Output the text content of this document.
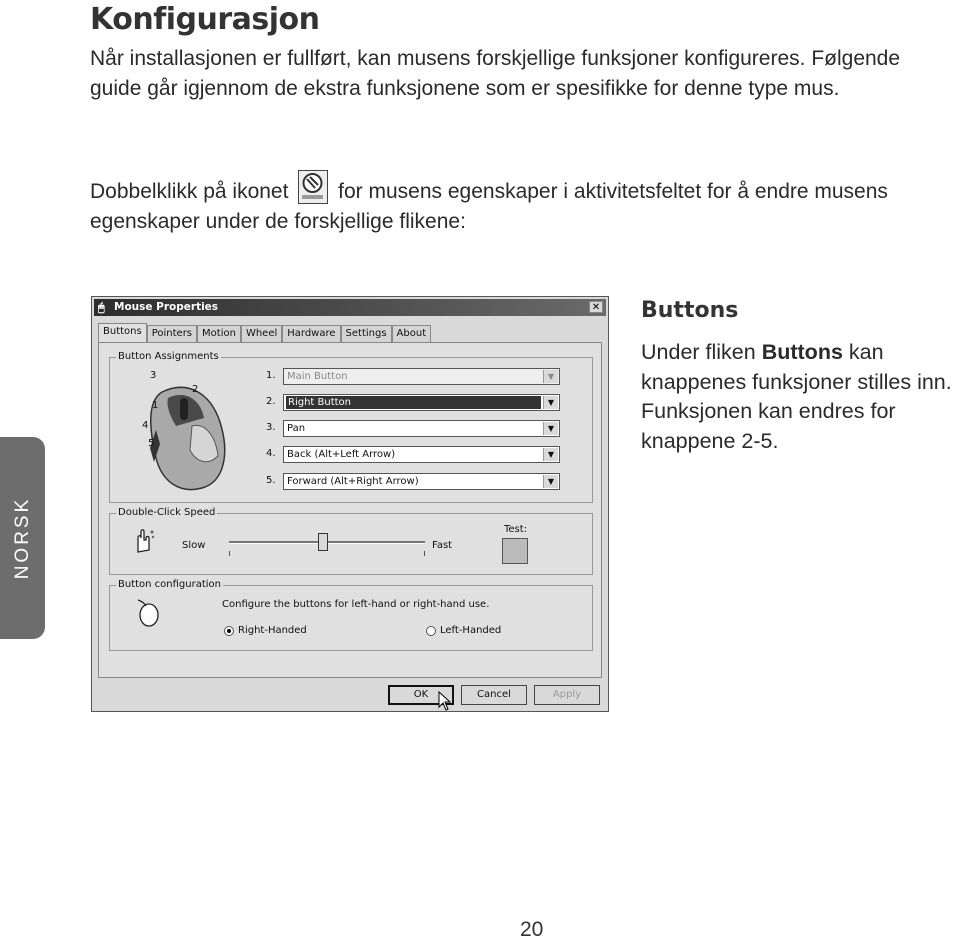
Konfigurasjon
Når installasjonen er fullført, kan musens forskjellige funksjoner konfigureres. Følgende guide går igjennom de ekstra funksjonene som er spesifikke for denne type mus.
Dobbelklikk på ikonet for musens egenskaper i aktivitetsfeltet for å endre musens egenskaper under de forskjellige flikene:
NORSK
🖱 Mouse Properties	✕
Buttons	Pointers	Motion	Wheel	Hardware	Settings	About
Button Assignments
3
2
1
4
5
1. Main Button	▼
2. Right Button	▼
3. Pan	▼
4. Back (Alt+Left Arrow)	▼
5. Forward (Alt+Right Arrow)	▼
Double-Click Speed
Slow	Fast
Test:
Button configuration
Configure the buttons for left-hand or right-hand use.
Right-Handed	Left-Handed
OK	Cancel	Apply
Buttons
Under fliken Buttons kan knappenes funksjoner stilles inn. Funksjonen kan endres for knappene 2-5.
20
